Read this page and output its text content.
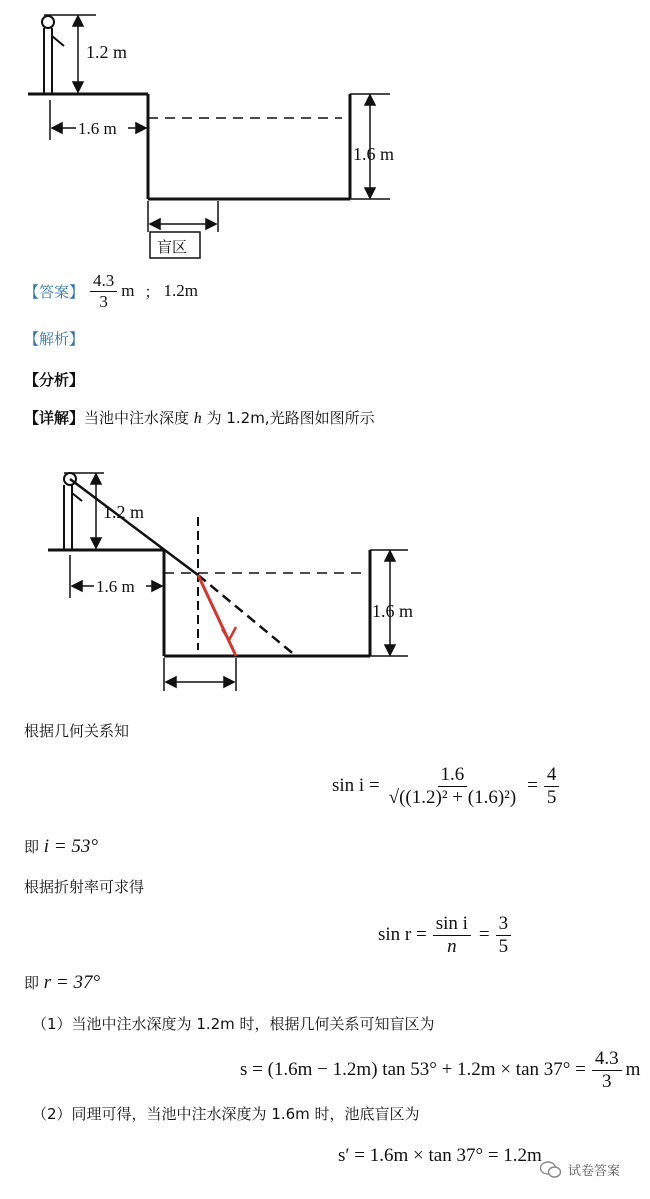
1.2 m
1.6 m
1.6 m
盲区
【答案】 $\frac{4.3}{3}$ m ； 1.2m
【解析】
【分析】
【详解】当池中注水深度 h 为 1.2m,光路图如图所示
1.2 m
1.6 m
1.6 m
根据几何关系知
$\sin i = \frac{1.6}{\text{√((1.2)² + (1.6)²)}} = \frac{4}{5}$
即 i = 53°
根据折射率可求得
$\sin r = \frac{\text{sin i}}{n} = \frac{3}{5}$
即 r = 37°
（1）当池中注水深度为 1.2m 时，根据几何关系可知盲区为
s = (1.6m − 1.2m) $\tan 53^\circ + 1.2m \times \tan 37^\circ = \frac{4.3}{3}$ m
（2）同理可得，当池中注水深度为 1.6m 时，池底盲区为
s′ = 1.6m × tan 37° = 1.2m
试卷答案
